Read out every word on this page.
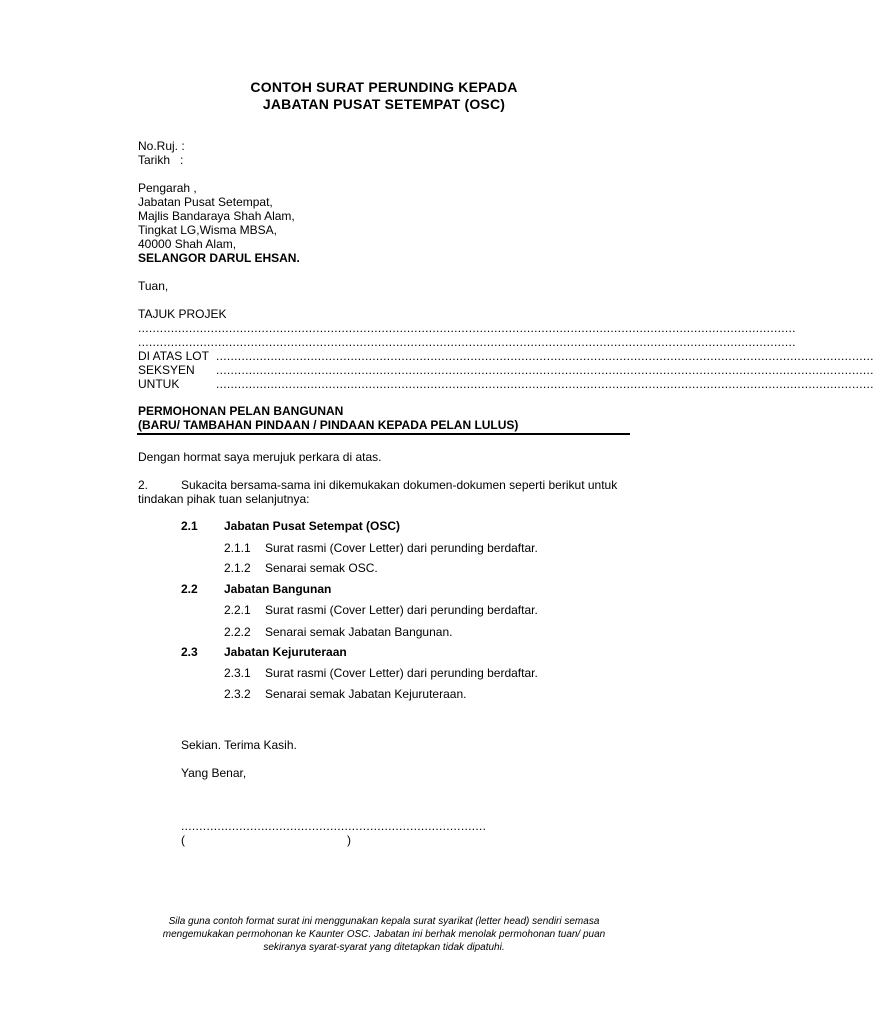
CONTOH SURAT PERUNDING KEPADA
JABATAN PUSAT SETEMPAT (OSC)
No.Ruj. :
Tarikh   :
Pengarah ,
Jabatan Pusat Setempat,
Majlis Bandaraya Shah Alam,
Tingkat LG,Wisma MBSA,
40000 Shah Alam,
SELANGOR DARUL EHSAN.
Tuan,
TAJUK PROJEK
.....................................................................................................................................................................................
.....................................................................................................................................................................................
DI ATAS LOT .....................................................................................................................................................................................
SEKSYEN .....................................................................................................................................................................................
UNTUK	.....................................................................................................................................................................................
PERMOHONAN PELAN BANGUNAN
(BARU/ TAMBAHAN PINDAAN / PINDAAN KEPADA PELAN LULUS)
Dengan hormat saya merujuk perkara di atas.
2.	Sukacita bersama-sama ini dikemukakan dokumen-dokumen seperti berikut untuk
tindakan pihak tuan selanjutnya:
2.1 Jabatan Pusat Setempat (OSC)
2.1.1 Surat rasmi (Cover Letter) dari perunding berdaftar.
2.1.2 Senarai semak OSC.
2.2 Jabatan Bangunan
2.2.1 Surat rasmi (Cover Letter) dari perunding berdaftar.
2.2.2 Senarai semak Jabatan Bangunan.
2.3 Jabatan Kejuruteraan
2.3.1 Surat rasmi (Cover Letter) dari perunding berdaftar.
2.3.2 Senarai semak Jabatan Kejuruteraan.
Sekian. Terima Kasih.
Yang Benar,
....................................................................................
(	)
Sila guna contoh format surat ini menggunakan kepala surat syarikat (letter head) sendiri semasa
mengemukakan permohonan ke Kaunter OSC. Jabatan ini berhak menolak permohonan tuan/ puan
sekiranya syarat-syarat yang ditetapkan tidak dipatuhi.
